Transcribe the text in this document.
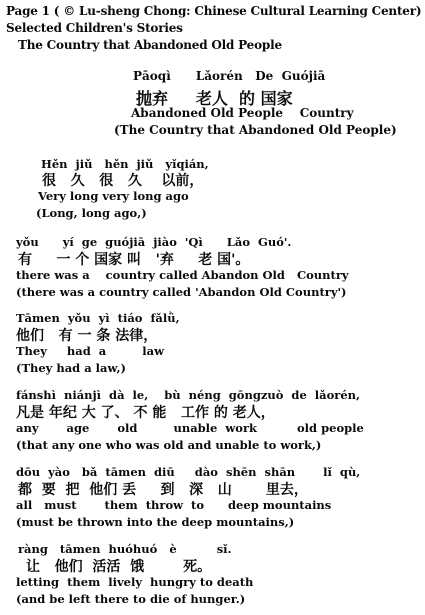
Page 1 ( © Lu-sheng Chong: Chinese Cultural Learning Center)
Selected Children's Stories
The Country that Abandoned Old People
Pāoqì      Lǎorén   De  Guójiā
抛弃     老人  的 国家
Abandoned Old People    Country
(The Country that Abandoned Old People)
Hěn  jiǔ   hěn  jiǔ   yǐqián,
很   久   很   久    以前，
Very long very long ago
(Long, long ago,)
yǒu      yí  ge  guójiā  jiào  'Qì      Lǎo  Guó'.
有     一 个 国家 叫   '弃     老 国'。
there was a    country called Abandon Old   Country
(there was a country called 'Abandon Old Country')
Tāmen  yǒu  yì  tiáo  fǎlǜ,
他们   有 一 条 法律，
They     had  a         law
(They had a law,)
fánshì  niánjì  dà  le,    bù  néng  gōngzuò  de  lǎorén,
凡是 年纪 大 了、 不 能   工作 的 老人，
any       age       old         unable  work          old people
(that any one who was old and unable to work,)
dōu  yào   bǎ  tāmen  diū     dào  shēn  shān       lǐ  qù,
都  要  把  他们 丢     到   深   山       里去，
all   must       them  throw  to      deep mountains
(must be thrown into the deep mountains,)
ràng   tāmen  huóhuó   è          sǐ.
让   他们  活活  饿        死。
letting  them  lively  hungry to death
(and be left there to die of hunger.)
